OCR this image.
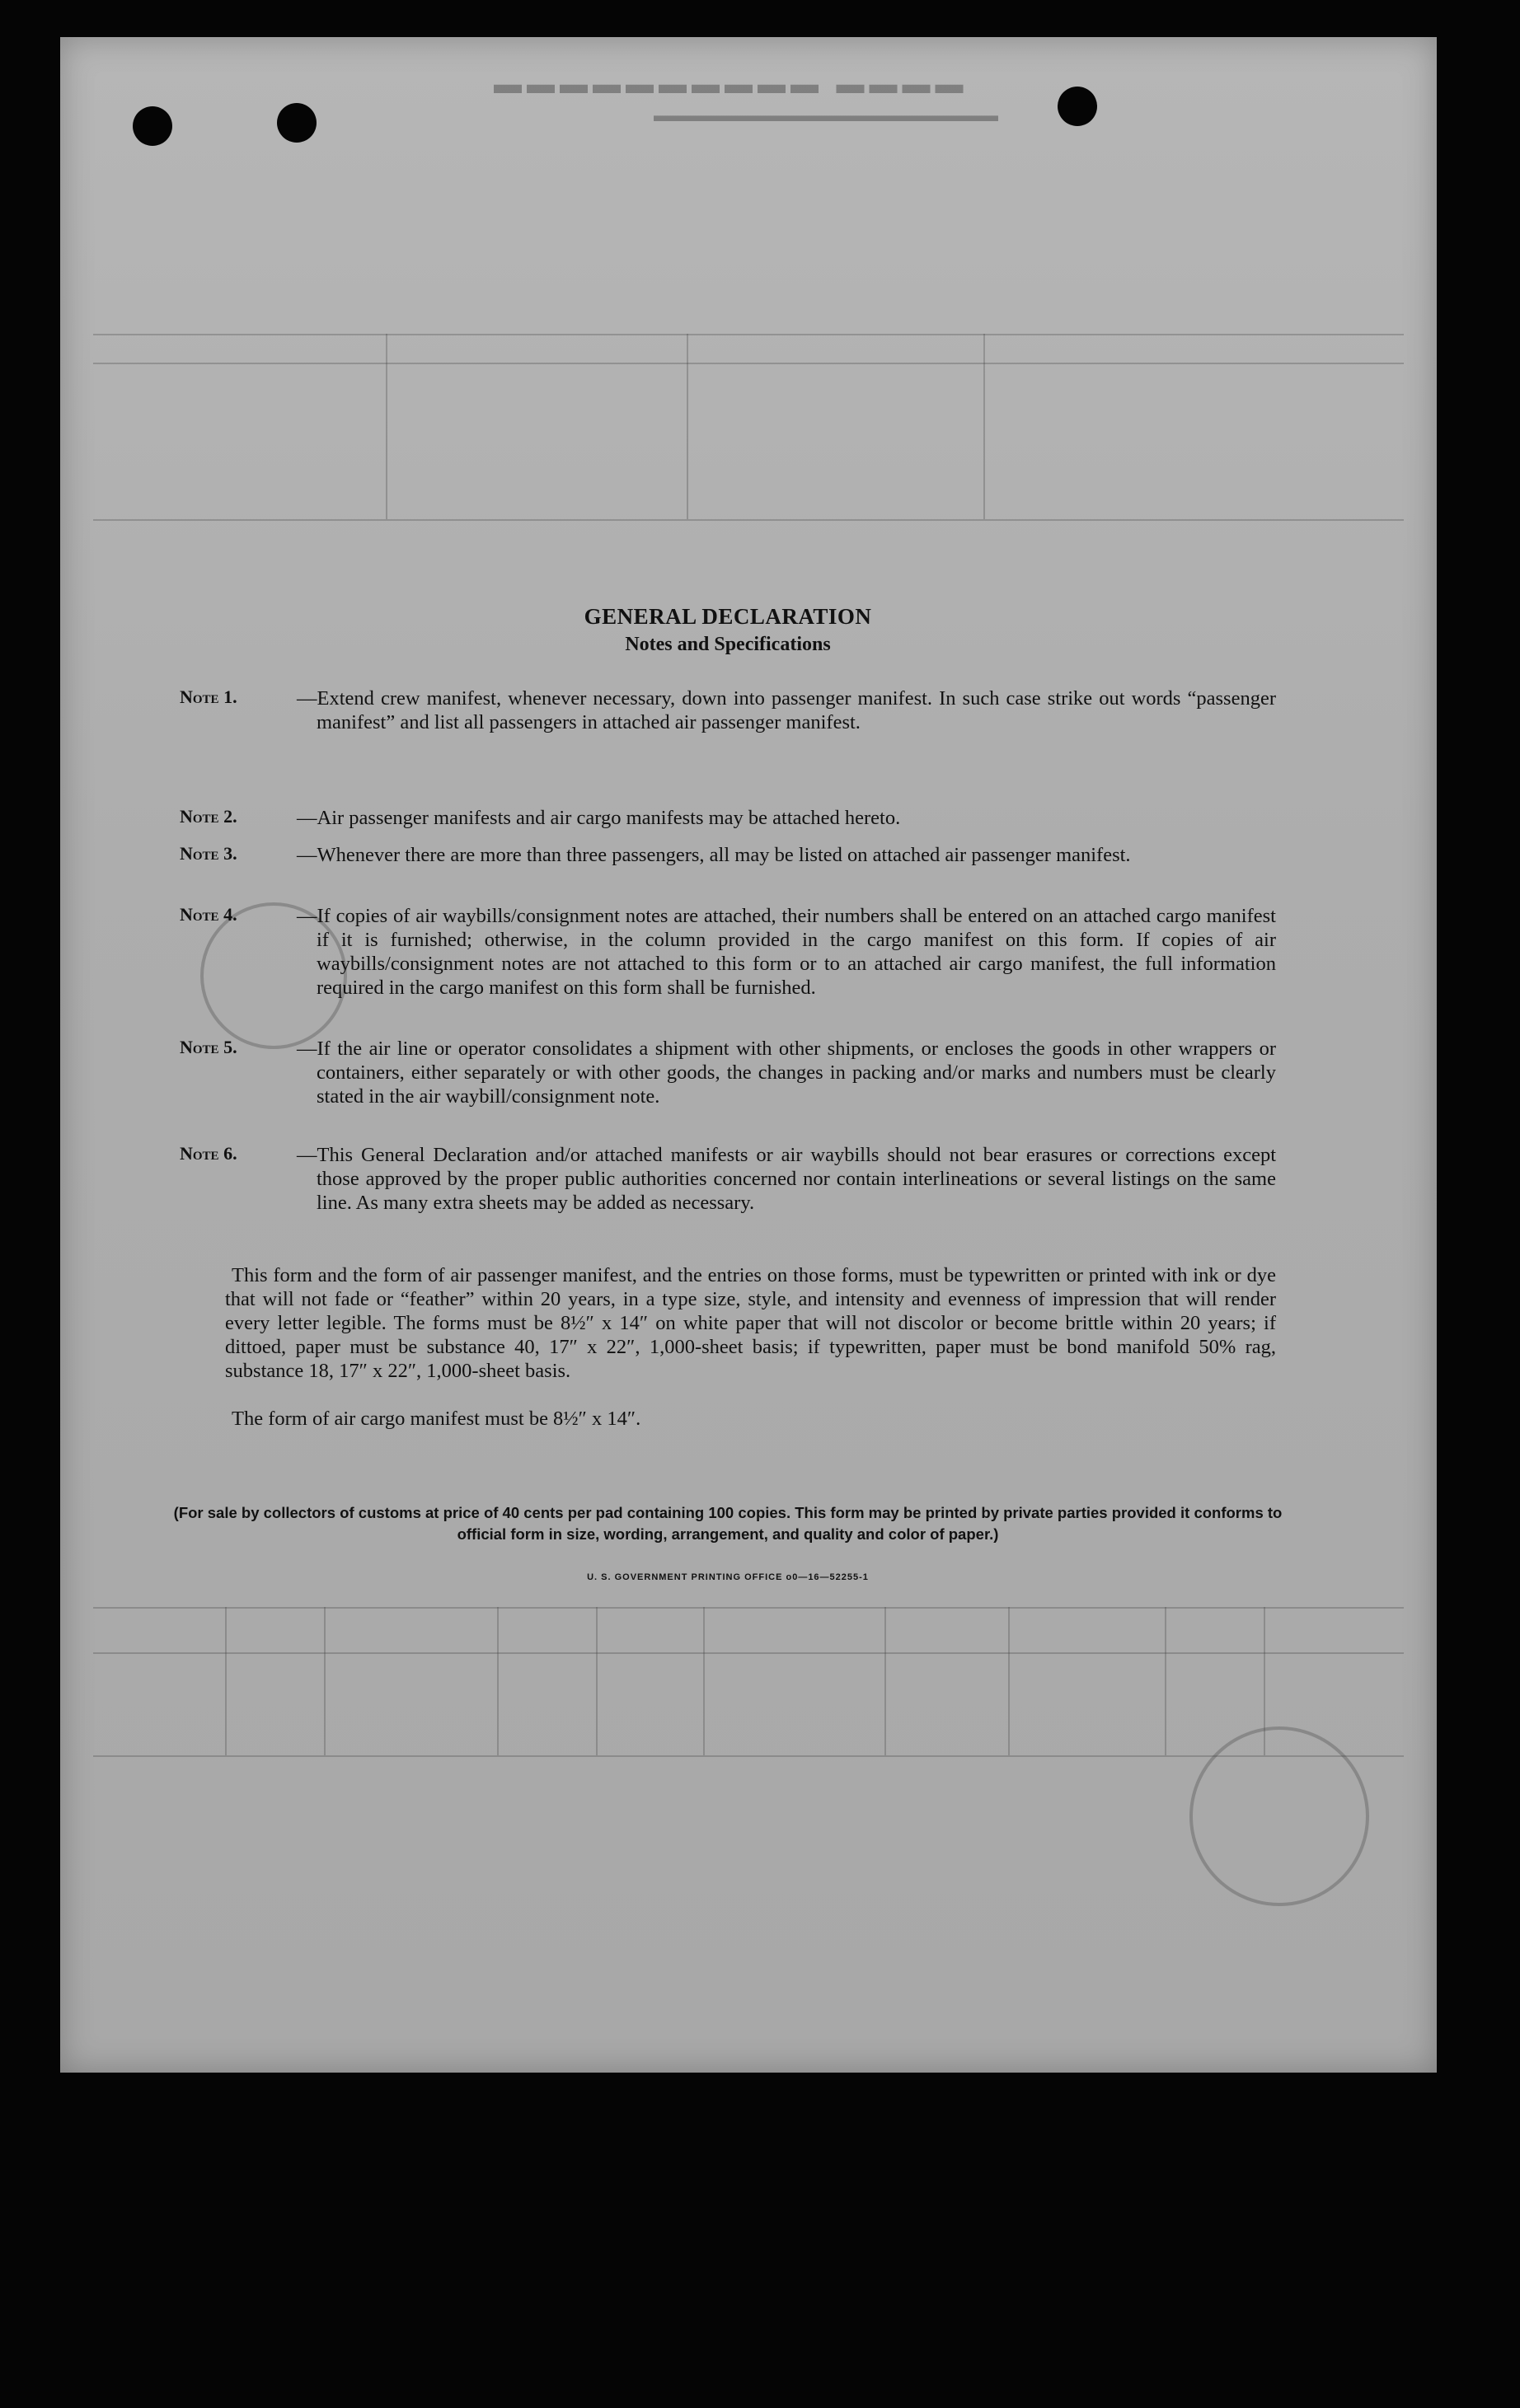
▬▬▬▬ ▬▬▬▬▬▬▬▬▬▬
▬▬▬▬▬▬▬▬▬▬▬▬▬▬▬▬▬▬▬
GENERAL DECLARATION
Notes and Specifications
Note 1.	—Extend crew manifest, whenever necessary, down into passenger manifest. In such case strike out words “passenger manifest” and list all passengers in attached air passenger manifest.
Note 2.	—Air passenger manifests and air cargo manifests may be attached hereto.
Note 3.	—Whenever there are more than three passengers, all may be listed on attached air passenger manifest.
Note 4.	—If copies of air waybills/consignment notes are attached, their numbers shall be entered on an attached cargo manifest if it is furnished; otherwise, in the column provided in the cargo manifest on this form. If copies of air waybills/consignment notes are not attached to this form or to an attached air cargo manifest, the full information required in the cargo manifest on this form shall be furnished.
Note 5.	—If the air line or operator consolidates a shipment with other shipments, or encloses the goods in other wrappers or containers, either separately or with other goods, the changes in packing and/or marks and numbers must be clearly stated in the air waybill/consignment note.
Note 6.	—This General Declaration and/or attached manifests or air waybills should not bear erasures or corrections except those approved by the proper public authorities concerned nor contain interlineations or several listings on the same line. As many extra sheets may be added as necessary.
This form and the form of air passenger manifest, and the entries on those forms, must be typewritten or printed with ink or dye that will not fade or “feather” within 20 years, in a type size, style, and intensity and evenness of impression that will render every letter legible. The forms must be 8½″ x 14″ on white paper that will not discolor or become brittle within 20 years; if dittoed, paper must be substance 40, 17″ x 22″, 1,000-sheet basis; if typewritten, paper must be bond manifold 50% rag, substance 18, 17″ x 22″, 1,000-sheet basis.
The form of air cargo manifest must be 8½″ x 14″.
(For sale by collectors of customs at price of 40 cents per pad containing 100 copies. This form may be printed by private parties provided it conforms to official form in size, wording, arrangement, and quality and color of paper.)
U. S. GOVERNMENT PRINTING OFFICE o0—16—52255-1
